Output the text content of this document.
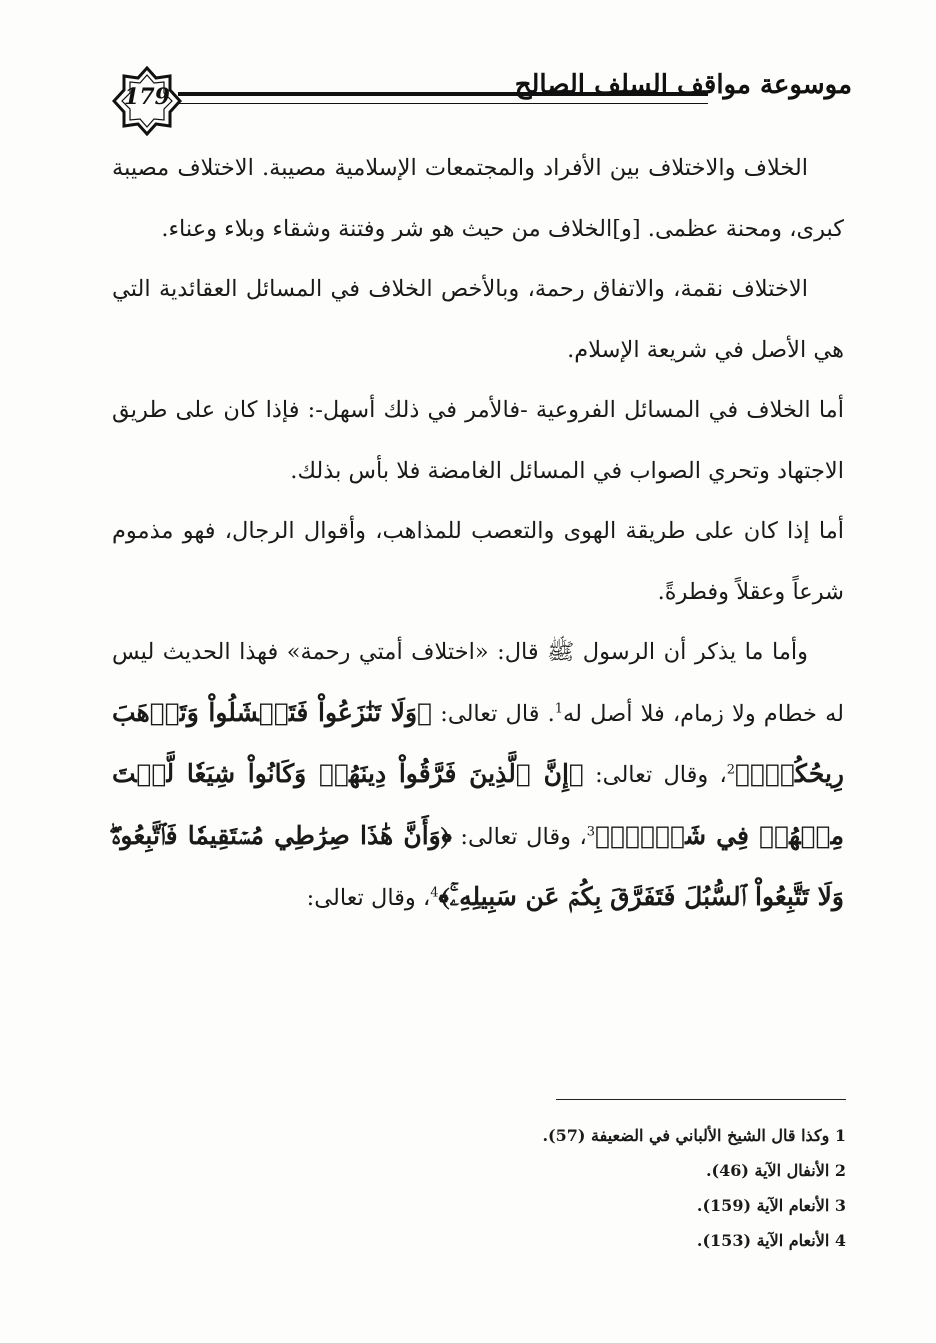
179	موسوعة مواقف السلف الصالح

الخلاف والاختلاف بين الأفراد والمجتمعات الإسلامية مصيبة. الاختلاف مصيبة كبرى، ومحنة عظمى. [و]الخلاف من حيث هو شر وفتنة وشقاء وبلاء وعناء.

الاختلاف نقمة، والاتفاق رحمة، وبالأخص الخلاف في المسائل العقائدية التي هي الأصل في شريعة الإسلام.

أما الخلاف في المسائل الفروعية -فالأمر في ذلك أسهل-: فإذا كان على طريق الاجتهاد وتحري الصواب في المسائل الغامضة فلا بأس بذلك.

أما إذا كان على طريقة الهوى والتعصب للمذاهب، وأقوال الرجال، فهو مذموم شرعاً وعقلاً وفطرةً.

وأما ما يذكر أن الرسول ﷺ قال: «اختلاف أمتي رحمة» فهذا الحديث ليس له خطام ولا زمام، فلا أصل له$^1$. قال تعالى: ﴿وَلَا تَنَٰزَعُواْ فَتَفۡشَلُواْ وَتَذۡهَبَ رِيحُكُمۡۖ﴾$^2$، وقال تعالى: ﴿إِنَّ ٱلَّذِينَ فَرَّقُواْ دِينَهُمۡ وَكَانُواْ شِيَعٗا لَّسۡتَ مِنۡهُمۡ فِي شَيۡءٍۚ﴾$^3$، وقال تعالى: ﴿وَأَنَّ هَٰذَا صِرَٰطِي مُسۡتَقِيمٗا فَٱتَّبِعُوهُۖ وَلَا تَتَّبِعُواْ ٱلسُّبُلَ فَتَفَرَّقَ بِكُمۡ عَن سَبِيلِهِۦۚ﴾$^4$، وقال تعالى:

1 وكذا قال الشيخ الألباني في الضعيفة (57).
2 الأنفال الآية (46).
3 الأنعام الآية (159).
4 الأنعام الآية (153).
